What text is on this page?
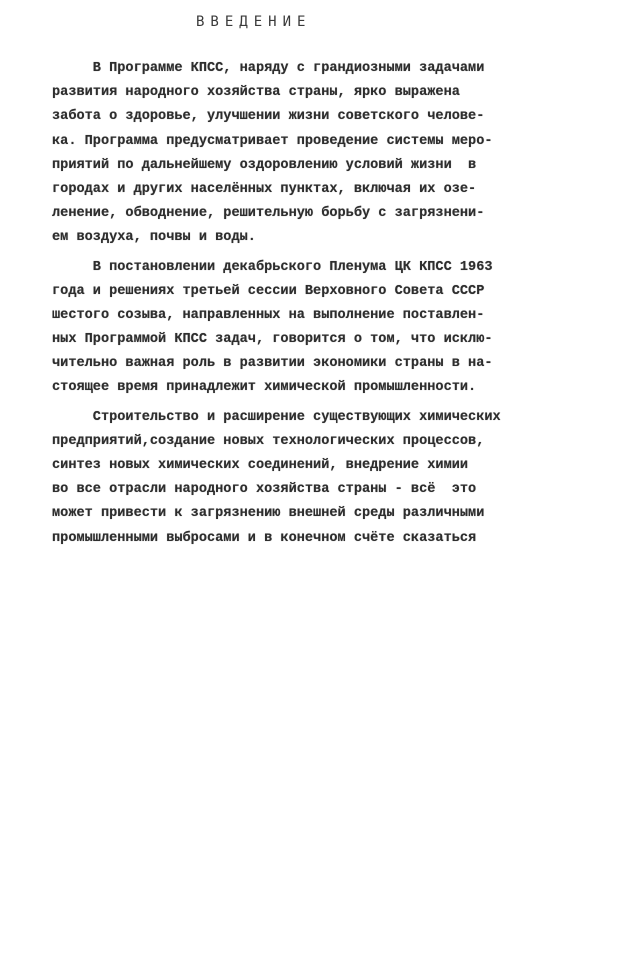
ВВЕДЕНИЕ
В Программе КПСС, наряду с грандиозными задачами
развития народного хозяйства страны, ярко выражена
забота о здоровье, улучшении жизни советского челове-
ка. Программа предусматривает проведение системы меро-
приятий по дальнейшему оздоровлению условий жизни  в
городах и других населённых пунктах, включая их озе-
ленение, обводнение, решительную борьбу с загрязнени-
ем воздуха, почвы и воды.
В постановлении декабрьского Пленума ЦК КПСС 1963
года и решениях третьей сессии Верховного Совета СССР
шестого созыва, направленных на выполнение поставлен-
ных Программой КПСС задач, говорится о том, что исклю-
чительно важная роль в развитии экономики страны в на-
стоящее время принадлежит химической промышленности.
Строительство и расширение существующих химических
предприятий,создание новых технологических процессов,
синтез новых химических соединений, внедрение химии
во все отрасли народного хозяйства страны - всё  это
может привести к загрязнению внешней среды различными
промышленными выбросами и в конечном счёте сказаться
